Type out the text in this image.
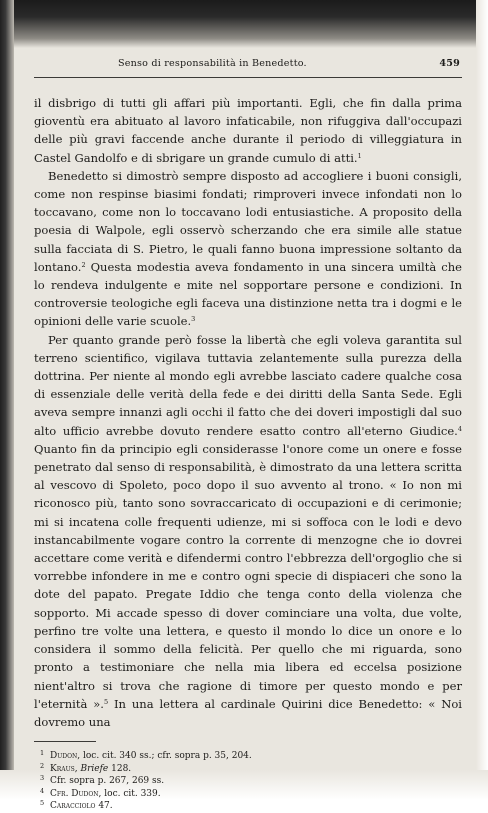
Senso di responsabilità in Benedetto.	459

il disbrigo di tutti gli affari più importanti. Egli, che fin dalla prima gioventù era abituato al lavoro infaticabile, non rifuggiva dall'occupazi delle più gravi faccende anche durante il periodo di villeggiatura in Castel Gandolfo e di sbrigare un grande cumulo di atti.$^1$

Benedetto si dimostrò sempre disposto ad accogliere i buoni consigli, come non respinse biasimi fondati; rimproveri invece infondati non lo toccavano, come non lo toccavano lodi entusiastiche. A proposito della poesia di Walpole, egli osservò scherzando che era simile alle statue sulla facciata di S. Pietro, le quali fanno buona impressione soltanto da lontano.$^2$ Questa modestia aveva fondamento in una sincera umiltà che lo rendeva indulgente e mite nel sopportare persone e condizioni. In controversie teologiche egli faceva una distinzione netta tra i dogmi e le opinioni delle varie scuole.$^3$

Per quanto grande però fosse la libertà che egli voleva garantita sul terreno scientifico, vigilava tuttavia zelantemente sulla purezza della dottrina. Per niente al mondo egli avrebbe lasciato cadere qualche cosa di essenziale delle verità della fede e dei diritti della Santa Sede. Egli aveva sempre innanzi agli occhi il fatto che dei doveri impostigli dal suo alto ufficio avrebbe dovuto rendere esatto contro all'eterno Giudice.$^4$ Quanto fin da principio egli considerasse l'onore come un onere e fosse penetrato dal senso di responsabilità, è dimostrato da una lettera scritta al vescovo di Spoleto, poco dopo il suo avvento al trono. « Io non mi riconosco più, tanto sono sovraccaricato di occupazioni e di cerimonie; mi si incatena colle frequenti udienze, mi si soffoca con le lodi e devo instancabilmente vogare contro la corrente di menzogne che io dovrei accettare come verità e difendermi contro l'ebbrezza dell'orgoglio che si vorrebbe infondere in me e contro ogni specie di dispiaceri che sono la dote del papato. Pregate Iddio che tenga conto della violenza che sopporto. Mi accade spesso di dover cominciare una volta, due volte, perfino tre volte una lettera, e questo il mondo lo dice un onore e lo considera il sommo della felicità. Per quello che mi riguarda, sono pronto a testimoniare che nella mia libera ed eccelsa posizione nient'altro si trova che ragione di timore per questo mondo e per l'eternità ».$^5$ In una lettera al cardinale Quirini dice Benedetto: « Noi dovremo una

1 Dudon, loc. cit. 340 ss.; cfr. sopra p. 35, 204.
2 Kraus, Briefe 128.
3 Cfr. sopra p. 267, 269 ss.
4 Cfr. Dudon, loc. cit. 339.
5 Caracciolo 47.
